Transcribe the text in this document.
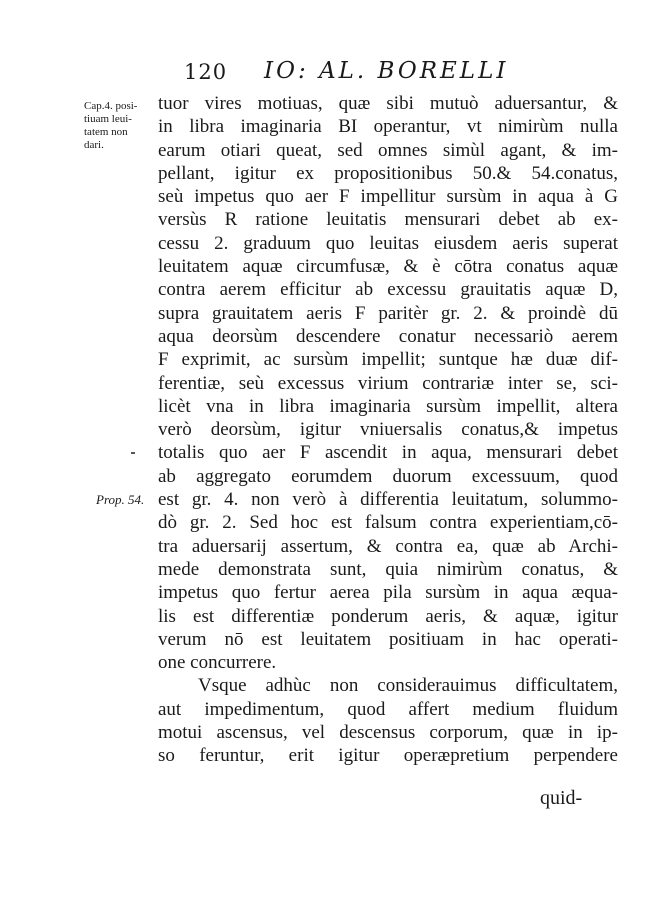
120 IO: AL. BORELLI
Cap.4. posi-
tiuam leui-
tatem non
dari.
Prop. 54.
tuor vires motiuas, quæ sibi mutuò aduersantur, &
in libra imaginaria BI operantur, vt nimirùm nulla
earum otiari queat, sed omnes simùl agant, & im-
pellant, igitur ex propositionibus 50.& 54.conatus,
seù impetus quo aer F impellitur sursùm in aqua à G
versùs R ratione leuitatis mensurari debet ab ex-
cessu 2. graduum quo leuitas eiusdem aeris superat
leuitatem aquæ circumfusæ, & è cōtra conatus aquæ
contra aerem efficitur ab excessu grauitatis aquæ D,
supra grauitatem aeris F paritèr gr. 2. & proindè dū
aqua deorsùm descendere conatur necessariò aerem
F exprimit, ac sursùm impellit; suntque hæ duæ dif-
ferentiæ, seù excessus virium contrariæ inter se, sci-
licèt vna in libra imaginaria sursùm impellit, altera
verò deorsùm, igitur vniuersalis conatus,& impetus
totalis quo aer F ascendit in aqua, mensurari debet
ab aggregato eorumdem duorum excessuum, quod
est gr. 4. non verò à differentia leuitatum, solummo-
dò gr. 2. Sed hoc est falsum contra experientiam,cō-
tra aduersarij assertum, & contra ea, quæ ab Archi-
mede demonstrata sunt, quia nimirùm conatus, &
impetus quo fertur aerea pila sursùm in aqua æqua-
lis est differentiæ ponderum aeris, & aquæ, igitur
verum nō est leuitatem positiuam in hac operati-
one concurrere.
Vsque adhùc non considerauimus difficultatem,
aut impedimentum, quod affert medium fluidum
motui ascensus, vel descensus corporum, quæ in ip-
so feruntur, erit igitur operæpretium perpendere
quid-
